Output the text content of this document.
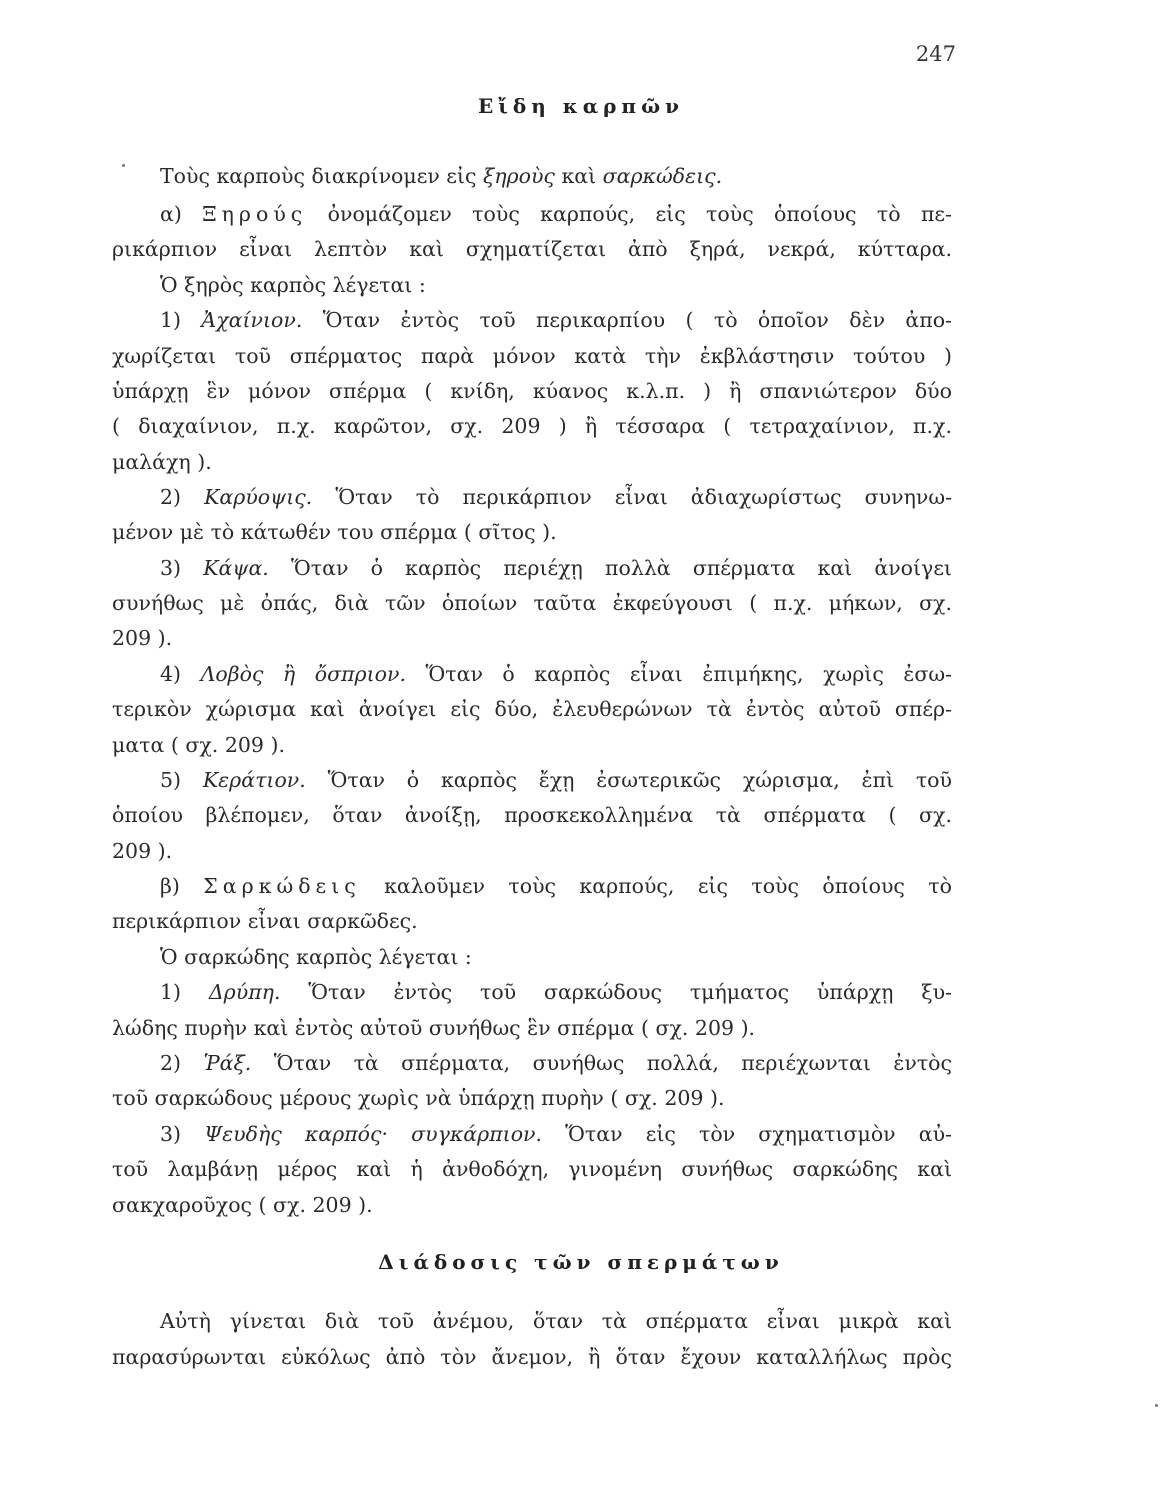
247
Εἴδη καρπῶν
Τοὺς καρποὺς διακρίνομεν εἰς ξηροὺς καὶ σαρκώδεις.
α) Ξηρούς ὀνομάζομεν τοὺς καρπούς, εἰς τοὺς ὁποίους τὸ πε-
ρικάρπιον εἶναι λεπτὸν καὶ σχηματίζεται ἀπὸ ξηρά, νεκρά, κύτταρα.
Ὁ ξηρὸς καρπὸς λέγεται :
1) Ἀχαίνιον. Ὅταν ἐντὸς τοῦ περικαρπίου ( τὸ ὁποῖον δὲν ἀπο-
χωρίζεται τοῦ σπέρματος παρὰ μόνον κατὰ τὴν ἐκβλάστησιν τούτου )
ὑπάρχῃ ἓν μόνον σπέρμα ( κνίδη, κύανος κ.λ.π. ) ἢ σπανιώτερον δύο
( διαχαίνιον, π.χ. καρῶτον, σχ. 209 ) ἢ τέσσαρα ( τετραχαίνιον, π.χ.
μαλάχη ).
2) Καρύοψις. Ὅταν τὸ περικάρπιον εἶναι ἀδιαχωρίστως συνηνω-
μένον μὲ τὸ κάτωθέν του σπέρμα ( σῖτος ).
3) Κάψα. Ὅταν ὁ καρπὸς περιέχῃ πολλὰ σπέρματα καὶ ἀνοίγει
συνήθως μὲ ὀπάς, διὰ τῶν ὁποίων ταῦτα ἐκφεύγουσι ( π.χ. μήκων, σχ.
209 ).
4) Λοβὸς ἢ ὄσπριον. Ὅταν ὁ καρπὸς εἶναι ἐπιμήκης, χωρὶς ἐσω-
τερικὸν χώρισμα καὶ ἀνοίγει εἰς δύο, ἐλευθερώνων τὰ ἐντὸς αὐτοῦ σπέρ-
ματα ( σχ. 209 ).
5) Κεράτιον. Ὅταν ὁ καρπὸς ἔχῃ ἐσωτερικῶς χώρισμα, ἐπὶ τοῦ
ὁποίου βλέπομεν, ὅταν ἀνοίξῃ, προσκεκολλημένα τὰ σπέρματα ( σχ.
209 ).
β) Σαρκώδεις καλοῦμεν τοὺς καρπούς, εἰς τοὺς ὁποίους τὸ
περικάρπιον εἶναι σαρκῶδες.
Ὁ σαρκώδης καρπὸς λέγεται :
1) Δρύπη. Ὅταν ἐντὸς τοῦ σαρκώδους τμήματος ὑπάρχῃ ξυ-
λώδης πυρὴν καὶ ἐντὸς αὐτοῦ συνήθως ἓν σπέρμα ( σχ. 209 ).
2) Ῥάξ. Ὅταν τὰ σπέρματα, συνήθως πολλά, περιέχωνται ἐντὸς
τοῦ σαρκώδους μέρους χωρὶς νὰ ὑπάρχῃ πυρὴν ( σχ. 209 ).
3) Ψευδὴς καρπός· συγκάρπιον. Ὅταν εἰς τὸν σχηματισμὸν αὐ-
τοῦ λαμβάνῃ μέρος καὶ ἡ ἀνθοδόχη, γινομένη συνήθως σαρκώδης καὶ
σακχαροῦχος ( σχ. 209 ).
Διάδοσις τῶν σπερμάτων
Αὐτὴ γίνεται διὰ τοῦ ἀνέμου, ὅταν τὰ σπέρματα εἶναι μικρὰ καὶ
παρασύρωνται εὐκόλως ἀπὸ τὸν ἄνεμον, ἢ ὅταν ἔχουν καταλλήλως πρὸς
